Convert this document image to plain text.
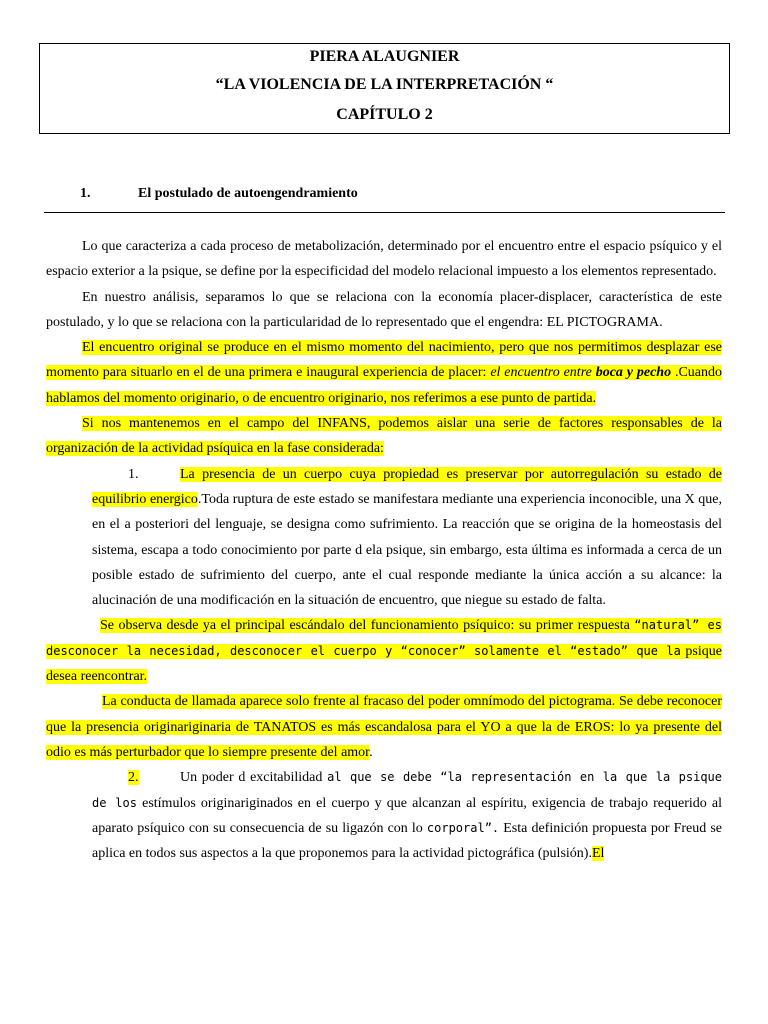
PIERA ALAUGNIER
“LA VIOLENCIA DE LA INTERPRETACIÓN “
CAPÍTULO 2
1.	El postulado de autoengendramiento

Lo que caracteriza a cada proceso de metabolización, determinado por el encuentro entre el espacio psíquico y el espacio exterior a la psique, se define por la especificidad del modelo relacional impuesto a los elementos representado.

En nuestro análisis, separamos lo que se relaciona con la economía placer-displacer, característica de este postulado, y lo que se relaciona con la particularidad de lo representado que el engendra: EL PICTOGRAMA.

El encuentro original se produce en el mismo momento del nacimiento, pero que nos permitimos desplazar ese momento para situarlo en el de una primera e inaugural experiencia de placer: el encuentro entre boca y pecho .Cuando hablamos del momento originario, o de encuentro originario, nos referimos a ese punto de partida.

Si nos mantenemos en el campo del INFANS, podemos aislar una serie de factores responsables de la organización de la actividad psíquica en la fase considerada:

1.	La presencia de un cuerpo cuya propiedad es preservar por autorregulación su estado de equilibrio energico.Toda ruptura de este estado se manifestara mediante una experiencia inconocible, una X que, en el a posteriori del lenguaje, se designa como sufrimiento. La reacción que se origina de la homeostasis del sistema, escapa a todo conocimiento por parte d ela psique, sin embargo, esta última es informada a cerca de un posible estado de sufrimiento del cuerpo, ante el cual responde mediante la única acción a su alcance: la alucinación de una modificación en la situación de encuentro, que niegue su estado de falta.

Se observa desde ya el principal escándalo del funcionamiento psíquico: su primer respuesta “natural” es desconocer la necesidad, desconocer el cuerpo y “conocer” solamente el “estado” que la psique desea reencontrar.

La conducta de llamada aparece solo frente al fracaso del poder omnímodo del pictograma. Se debe reconocer que la presencia originariginaria de TANATOS es más escandalosa para el YO a que la de EROS: lo ya presente del odio es más perturbador que lo siempre presente del amor.

2.	Un poder d excitabilidad al que se debe “la representación en la que la psique de los estímulos originariginados en el cuerpo y que alcanzan al espíritu, exigencia de trabajo requerido al aparato psíquico con su consecuencia de su ligazón con lo corporal”. Esta definición propuesta por Freud se aplica en todos sus aspectos a la que proponemos para la actividad pictográfica (pulsión).El
